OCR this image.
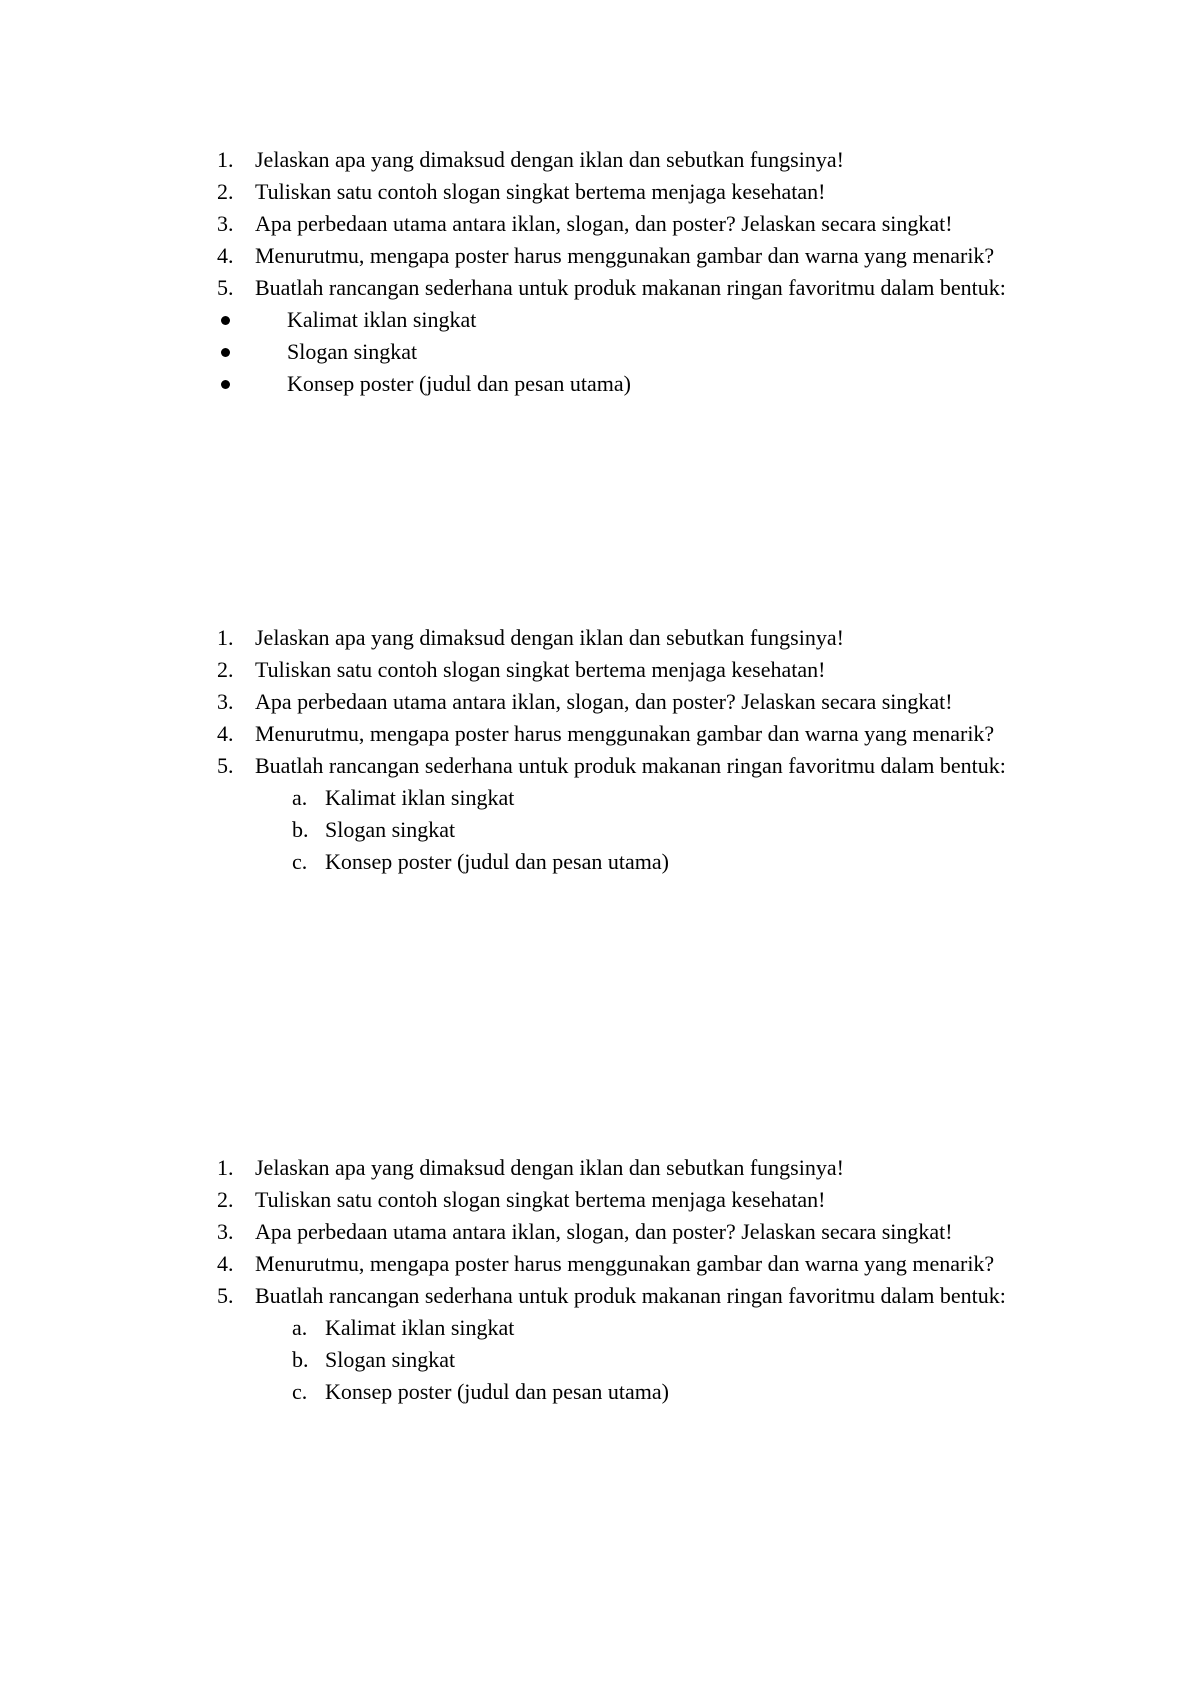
1. Jelaskan apa yang dimaksud dengan iklan dan sebutkan fungsinya!
2. Tuliskan satu contoh slogan singkat bertema menjaga kesehatan!
3. Apa perbedaan utama antara iklan, slogan, dan poster? Jelaskan secara singkat!
4. Menurutmu, mengapa poster harus menggunakan gambar dan warna yang menarik?
5. Buatlah rancangan sederhana untuk produk makanan ringan favoritmu dalam bentuk:
Kalimat iklan singkat
Slogan singkat
Konsep poster (judul dan pesan utama)
1. Jelaskan apa yang dimaksud dengan iklan dan sebutkan fungsinya!
2. Tuliskan satu contoh slogan singkat bertema menjaga kesehatan!
3. Apa perbedaan utama antara iklan, slogan, dan poster? Jelaskan secara singkat!
4. Menurutmu, mengapa poster harus menggunakan gambar dan warna yang menarik?
5. Buatlah rancangan sederhana untuk produk makanan ringan favoritmu dalam bentuk:
a. Kalimat iklan singkat
b. Slogan singkat
c. Konsep poster (judul dan pesan utama)
1. Jelaskan apa yang dimaksud dengan iklan dan sebutkan fungsinya!
2. Tuliskan satu contoh slogan singkat bertema menjaga kesehatan!
3. Apa perbedaan utama antara iklan, slogan, dan poster? Jelaskan secara singkat!
4. Menurutmu, mengapa poster harus menggunakan gambar dan warna yang menarik?
5. Buatlah rancangan sederhana untuk produk makanan ringan favoritmu dalam bentuk:
a. Kalimat iklan singkat
b. Slogan singkat
c. Konsep poster (judul dan pesan utama)
